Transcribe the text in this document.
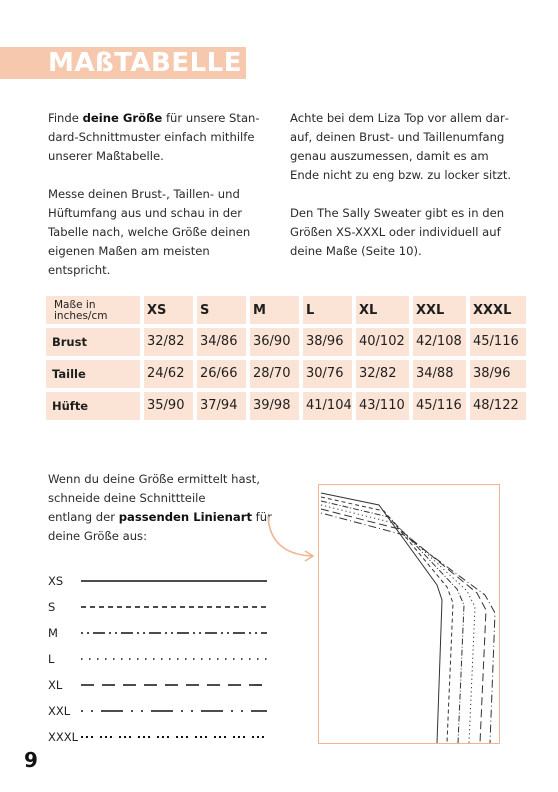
MAßTABELLE

Finde deine Größe für unsere Standard-Schnittmuster einfach mithilfe unserer Maßtabelle.

Messe deinen Brust-, Taillen- und Hüftumfang aus und schau in der Tabelle nach, welche Größe deinen eigenen Maßen am meisten entspricht.

Achte bei dem Liza Top vor allem darauf, deinen Brust- und Taillenumfang genau auszumessen, damit es am Ende nicht zu eng bzw. zu locker sitzt.

Den The Sally Sweater gibt es in den Größen XS-XXXL oder individuell auf deine Maße (Seite 10).

Maße in
inches/cm	XS	S	M	L	XL	XXL XXXL
Brust	32/82 34/86 36/90 38/96 40/102 42/108 45/116
Taille	24/62 26/66 28/70 30/76 32/82 34/88 38/96
Hüfte	35/90 37/94 39/98 41/104 43/110 45/116 48/122
Wenn du deine Größe ermittelt hast,
schneide deine Schnittteile
entlang der passenden Linienart für
deine Größe aus:
XS
S
M
L
XL
XXL
XXXL
9
